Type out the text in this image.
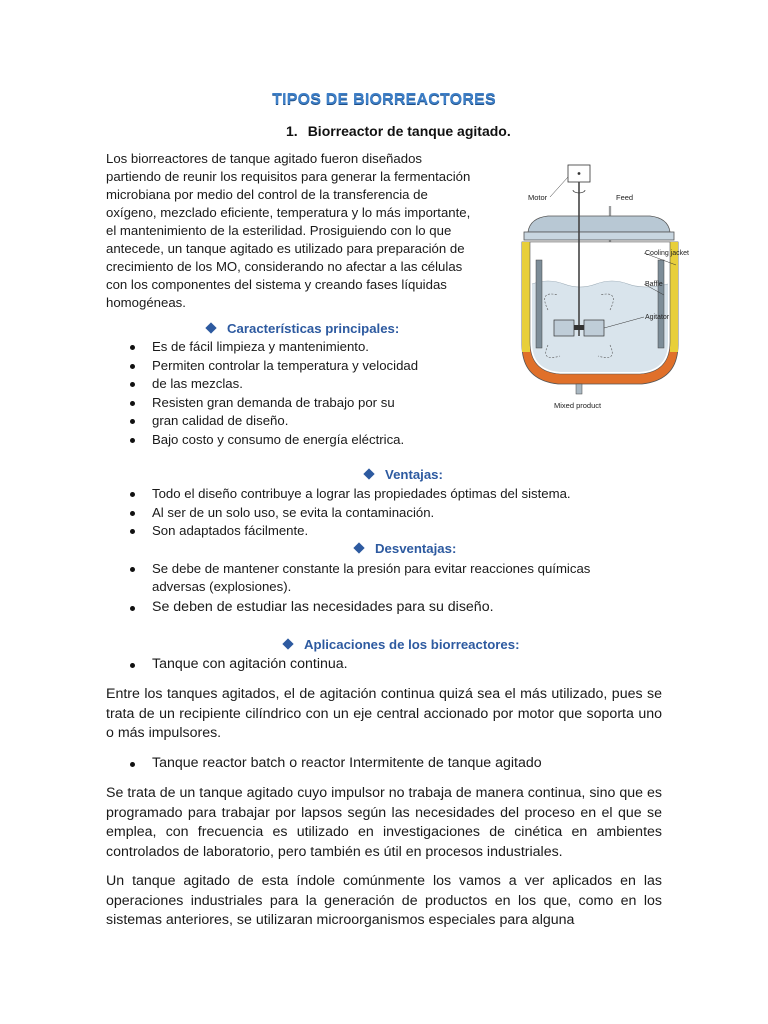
TIPOS DE BIORREACTORES
1. Biorreactor de tanque agitado.
Los biorreactores de tanque agitado fueron diseñados
partiendo de reunir los requisitos para generar la fermentación
microbiana por medio del control de la transferencia de
oxígeno, mezclado eficiente, temperatura y lo más importante,
el mantenimiento de la esterilidad. Prosiguiendo con lo que
antecede, un tanque agitado es utilizado para preparación de
crecimiento de los MO, considerando no afectar a las células
con los componentes del sistema y creando fases líquidas
homogéneas.
Motor	Feed
Mixed product
Cooling jacket
Baffle
Agitator
Características principales:
Es de fácil limpieza y mantenimiento.
Permiten controlar la temperatura y velocidad
de las mezclas.
Resisten gran demanda de trabajo por su
gran calidad de diseño.
Bajo costo y consumo de energía eléctrica.
Ventajas:
Todo el diseño contribuye a lograr las propiedades óptimas del sistema.
Al ser de un solo uso, se evita la contaminación.
Son adaptados fácilmente.
Desventajas:
Se debe de mantener constante la presión para evitar reacciones químicas
adversas (explosiones).
Se deben de estudiar las necesidades para su diseño.
Aplicaciones de los biorreactores:
Tanque con agitación continua.
Entre los tanques agitados, el de agitación continua quizá sea el más utilizado, pues se trata de un recipiente cilíndrico con un eje central accionado por motor que soporta uno o más impulsores.
Tanque reactor batch o reactor Intermitente de tanque agitado
Se trata de un tanque agitado cuyo impulsor no trabaja de manera continua, sino que es programado para trabajar por lapsos según las necesidades del proceso en el que se emplea, con frecuencia es utilizado en investigaciones de cinética en ambientes controlados de laboratorio, pero también es útil en procesos industriales.
Un tanque agitado de esta índole comúnmente los vamos a ver aplicados en las operaciones industriales para la generación de productos en los que, como en los sistemas anteriores, se utilizaran microorganismos especiales para alguna
